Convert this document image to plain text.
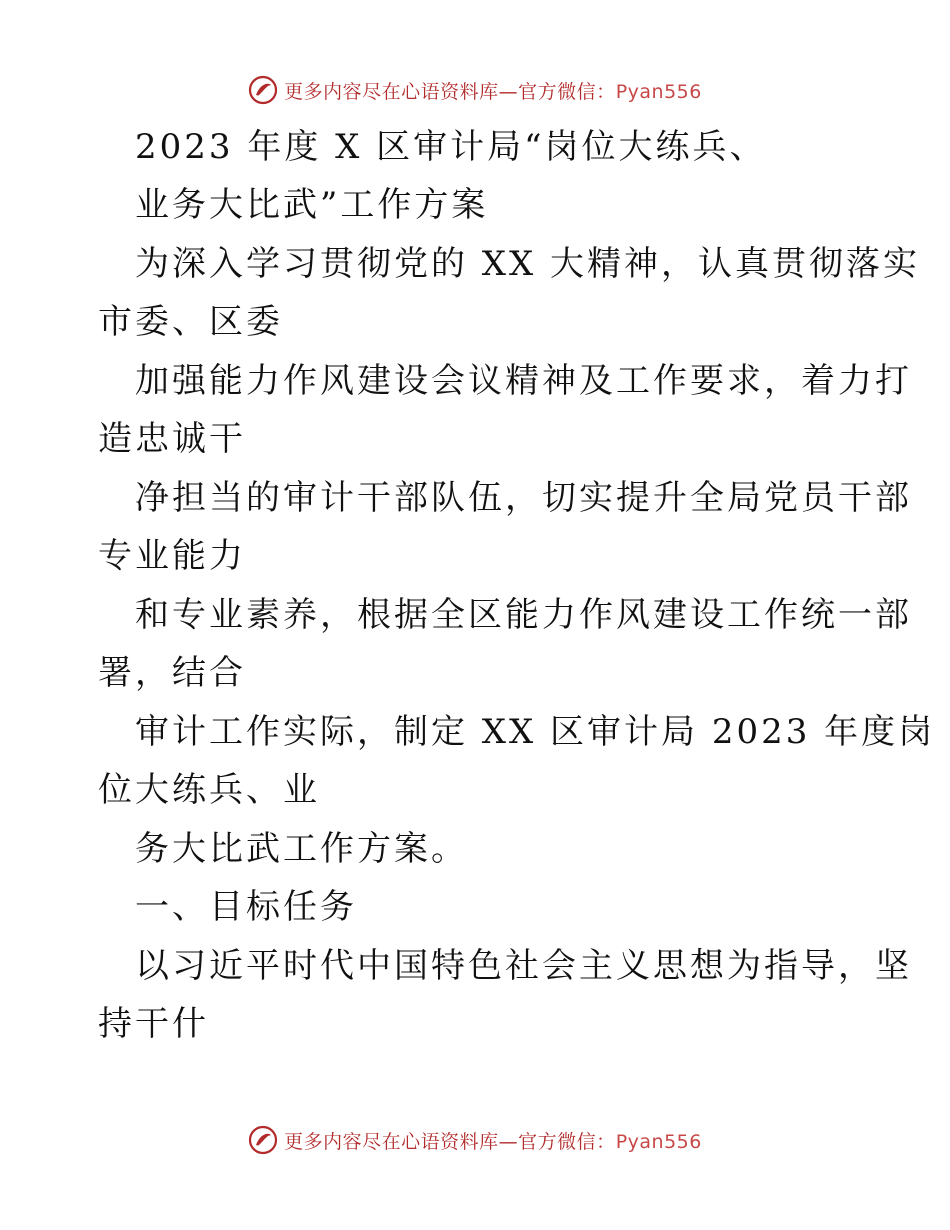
更多内容尽在心语资料库—官方微信：Pyan556
2023 年度 X 区审计局“岗位大练兵、
业务大比武”工作方案
为深入学习贯彻党的 XX 大精神，认真贯彻落实
市委、区委
加强能力作风建设会议精神及工作要求，着力打
造忠诚干
净担当的审计干部队伍，切实提升全局党员干部
专业能力
和专业素养，根据全区能力作风建设工作统一部
署，结合
审计工作实际，制定 XX 区审计局 2023 年度岗
位大练兵、业
务大比武工作方案。
一、目标任务
以习近平时代中国特色社会主义思想为指导，坚
持干什
更多内容尽在心语资料库—官方微信：Pyan556
